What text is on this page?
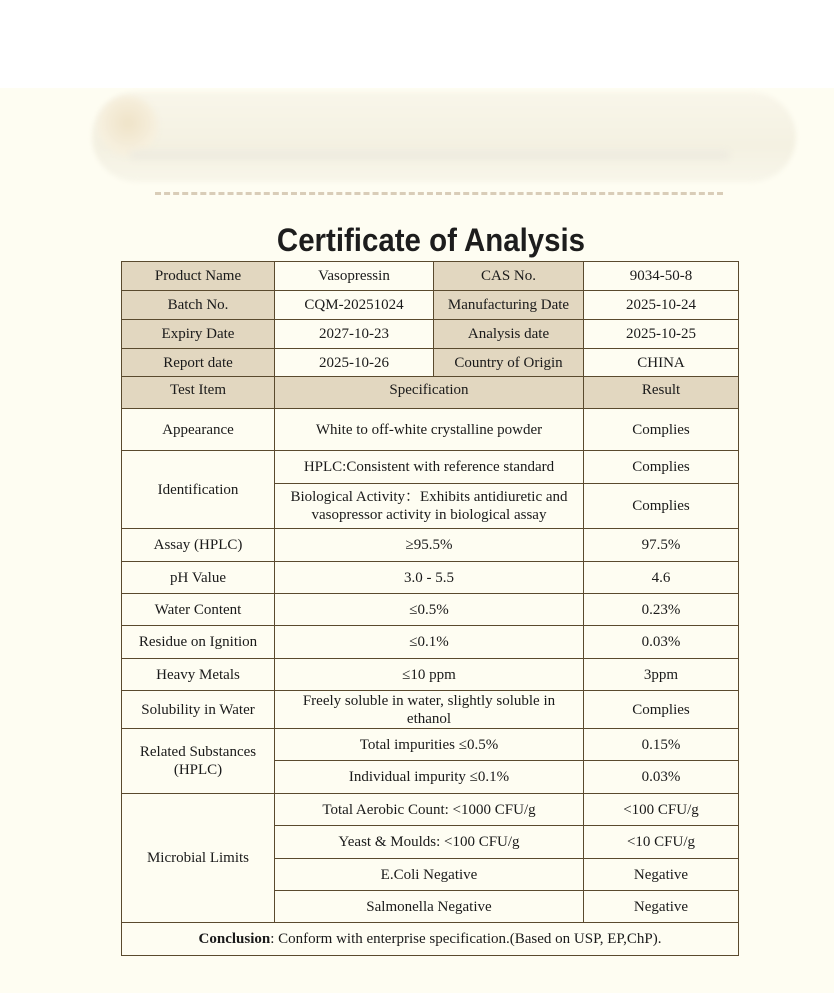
Certificate of Analysis
Product Name	Vasopressin	CAS No.	9034-50-8
Batch No.	CQM-20251024	Manufacturing Date	2025-10-24
Expiry Date	2027-10-23	Analysis date	2025-10-25
Report date	2025-10-26	Country of Origin	CHINA
Test Item	Specification		Result
Appearance	White to off-white crystalline powder		Complies
Identification	HPLC:Consistent with reference standard		Complies
	Biological Activity：Exhibits antidiuretic and vasopressor activity in biological assay		Complies
Assay (HPLC)	≥95.5%		97.5%
pH Value	3.0 - 5.5		4.6
Water Content	≤0.5%		0.23%
Residue on Ignition	≤0.1%		0.03%
Heavy Metals	≤10 ppm		3ppm
Solubility in Water	Freely soluble in water, slightly soluble in ethanol		Complies
Related Substances (HPLC)	Total impurities ≤0.5%		0.15%
	Individual impurity ≤0.1%		0.03%
Microbial Limits	Total Aerobic Count: <1000 CFU/g		<100 CFU/g
	Yeast & Moulds: <100 CFU/g		<10 CFU/g
	E.Coli Negative		Negative
	Salmonella Negative		Negative
Conclusion: Conform with enterprise specification.(Based on USP, EP,ChP).			
